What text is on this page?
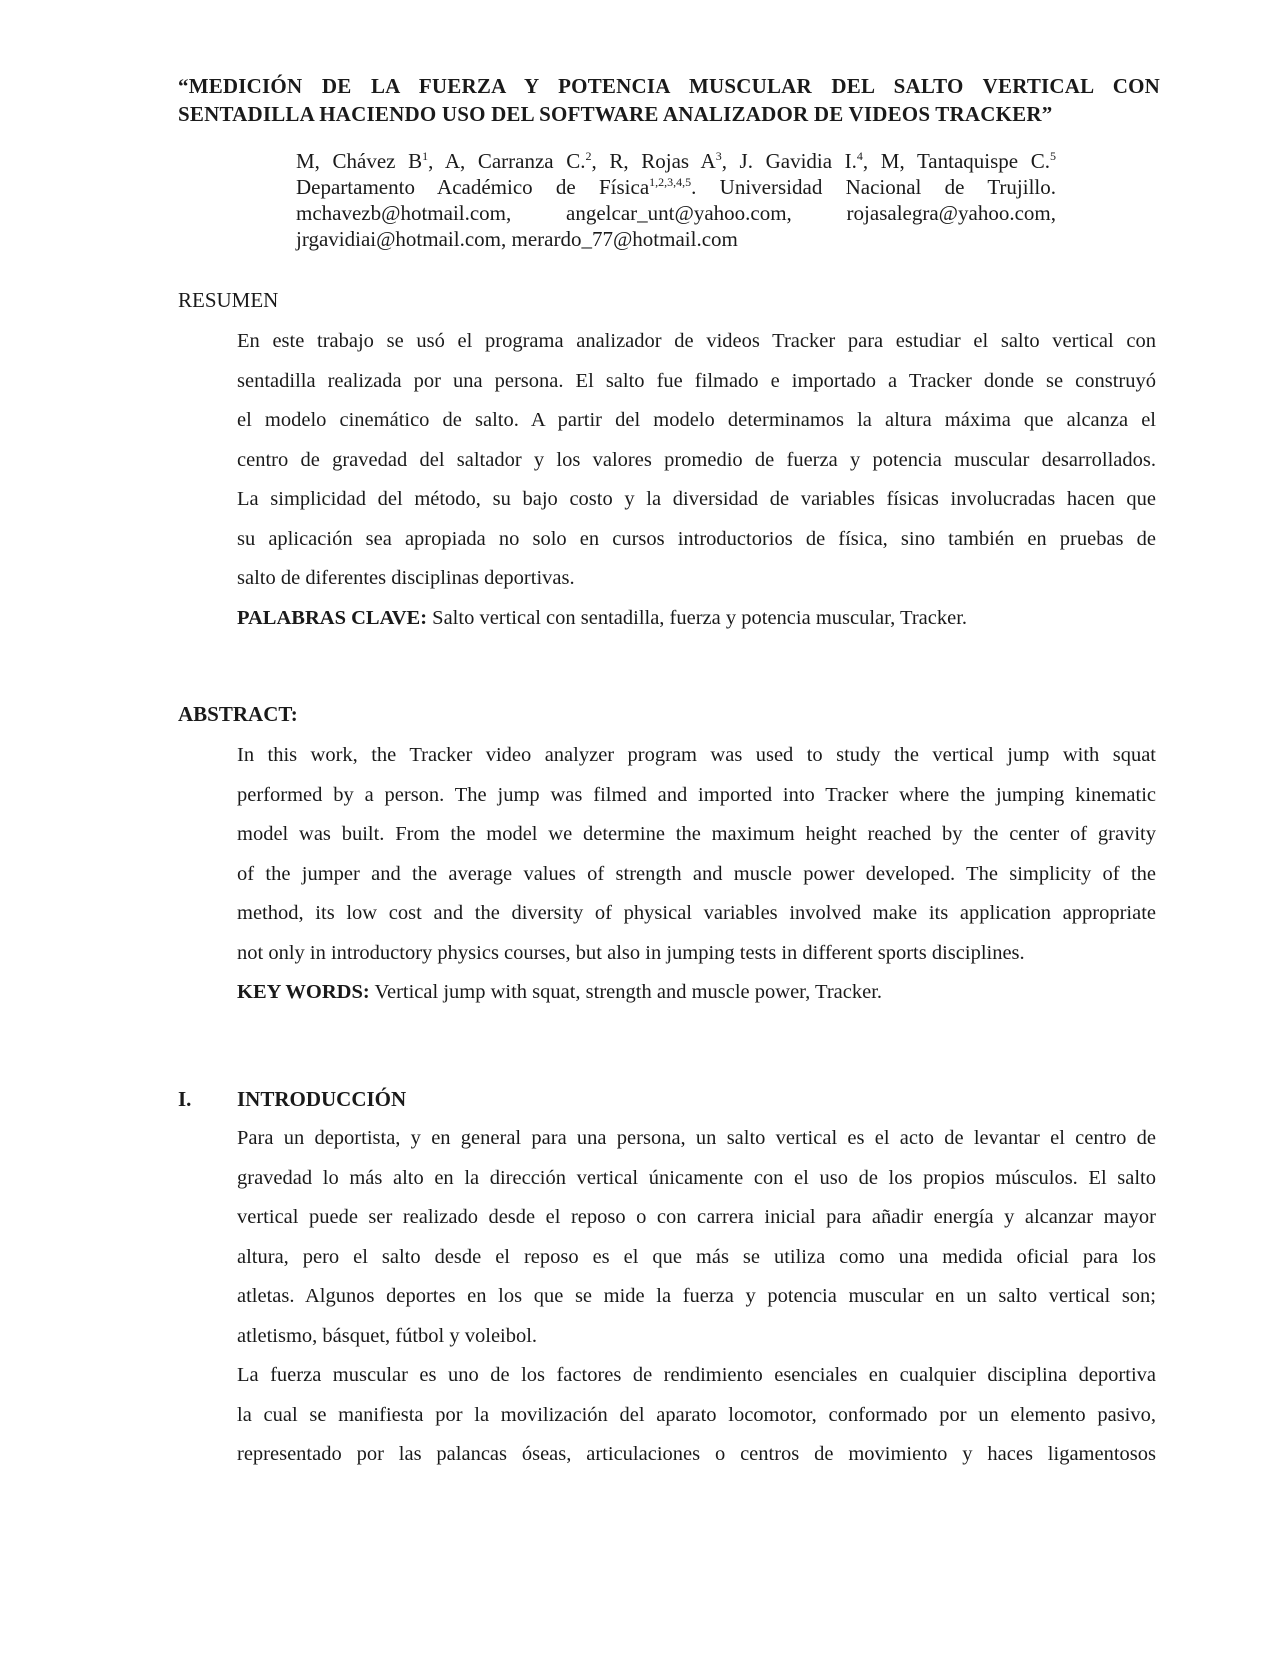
“MEDICIÓN DE LA FUERZA Y POTENCIA MUSCULAR DEL SALTO VERTICAL CON
SENTADILLA HACIENDO USO DEL SOFTWARE ANALIZADOR DE VIDEOS TRACKER”
M, Chávez $B^1$, A, Carranza C.$^2$, R, Rojas $A^3$, J. Gavidia I.$^4$, M, Tantaquispe C.$^5$
Departamento Académico de Física$^{1,2,3,4,5}$. Universidad Nacional de Trujillo.
mchavezb@hotmail.com,    angelcar_unt@yahoo.com,    rojasalegra@yahoo.com,
jrgavidiai@hotmail.com, merardo_77@hotmail.com
RESUMEN
En este trabajo se usó el programa analizador de videos Tracker para estudiar el salto vertical con
sentadilla realizada por una persona. El salto fue filmado e importado a Tracker donde se construyó
el modelo cinemático de salto. A partir del modelo determinamos la altura máxima que alcanza el
centro de gravedad del saltador y los valores promedio de fuerza y potencia muscular desarrollados.
La simplicidad del método, su bajo costo y la diversidad de variables físicas involucradas hacen que
su aplicación sea apropiada no solo en cursos introductorios de física, sino también en pruebas de
salto de diferentes disciplinas deportivas.
PALABRAS CLAVE: Salto vertical con sentadilla, fuerza y potencia muscular, Tracker.
ABSTRACT:
In this work, the Tracker video analyzer program was used to study the vertical jump with squat
performed by a person. The jump was filmed and imported into Tracker where the jumping kinematic
model was built. From the model we determine the maximum height reached by the center of gravity
of the jumper and the average values of strength and muscle power developed. The simplicity of the
method, its low cost and the diversity of physical variables involved make its application appropriate
not only in introductory physics courses, but also in jumping tests in different sports disciplines.
KEY WORDS: Vertical jump with squat, strength and muscle power, Tracker.
I. INTRODUCCIÓN
Para un deportista, y en general para una persona, un salto vertical es el acto de levantar el centro de
gravedad lo más alto en la dirección vertical únicamente con el uso de los propios músculos. El salto
vertical puede ser realizado desde el reposo o con carrera inicial para añadir energía y alcanzar mayor
altura, pero el salto desde el reposo es el que más se utiliza como una medida oficial para los
atletas. Algunos deportes en los que se mide la fuerza y potencia muscular en un salto vertical son;
atletismo, básquet, fútbol y voleibol.
La fuerza muscular es uno de los factores de rendimiento esenciales en cualquier disciplina deportiva
la cual se manifiesta por la movilización del aparato locomotor, conformado por un elemento pasivo,
representado por las palancas óseas, articulaciones o centros de movimiento y haces ligamentosos
